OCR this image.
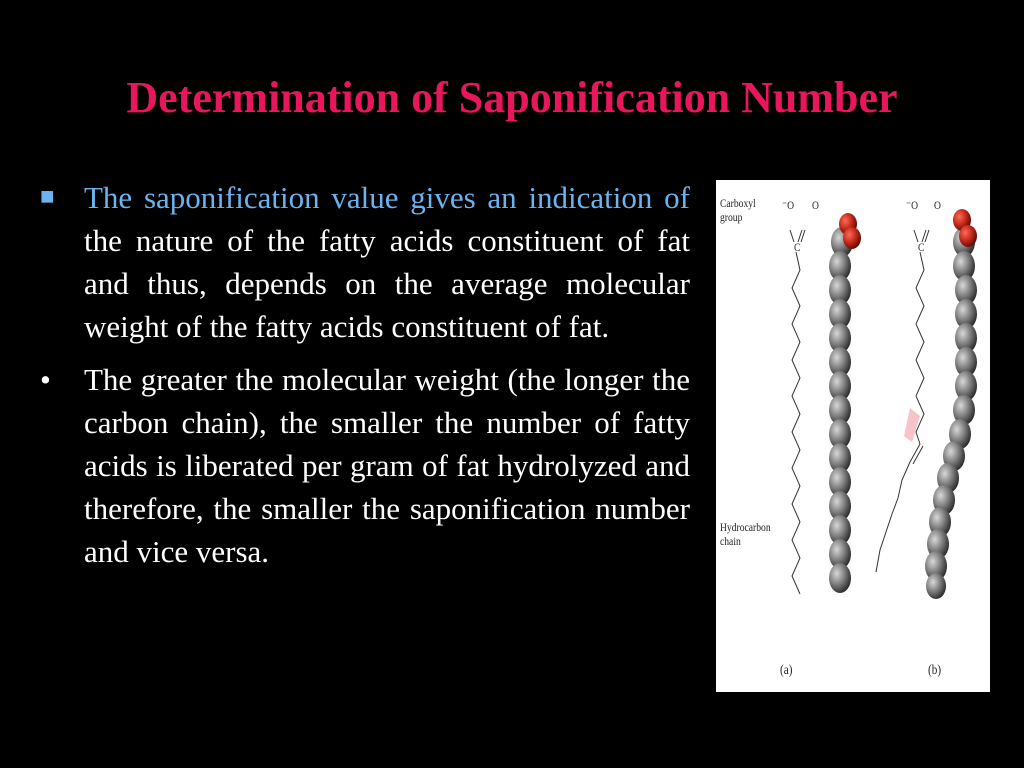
Determination of Saponification Number
■ The saponification value gives an indication of the nature of the fatty acids constituent of fat and thus, depends on the average molecular weight of the fatty acids constituent of fat.
•	The greater the molecular weight (the longer the carbon chain), the smaller the number of fatty acids is liberated per gram of fat hydrolyzed and therefore, the smaller the saponification number and vice versa.
Carboxyl
group
Hydrocarbon
chain
⁻O O
C
⁻O O
C
(a)	(b)
